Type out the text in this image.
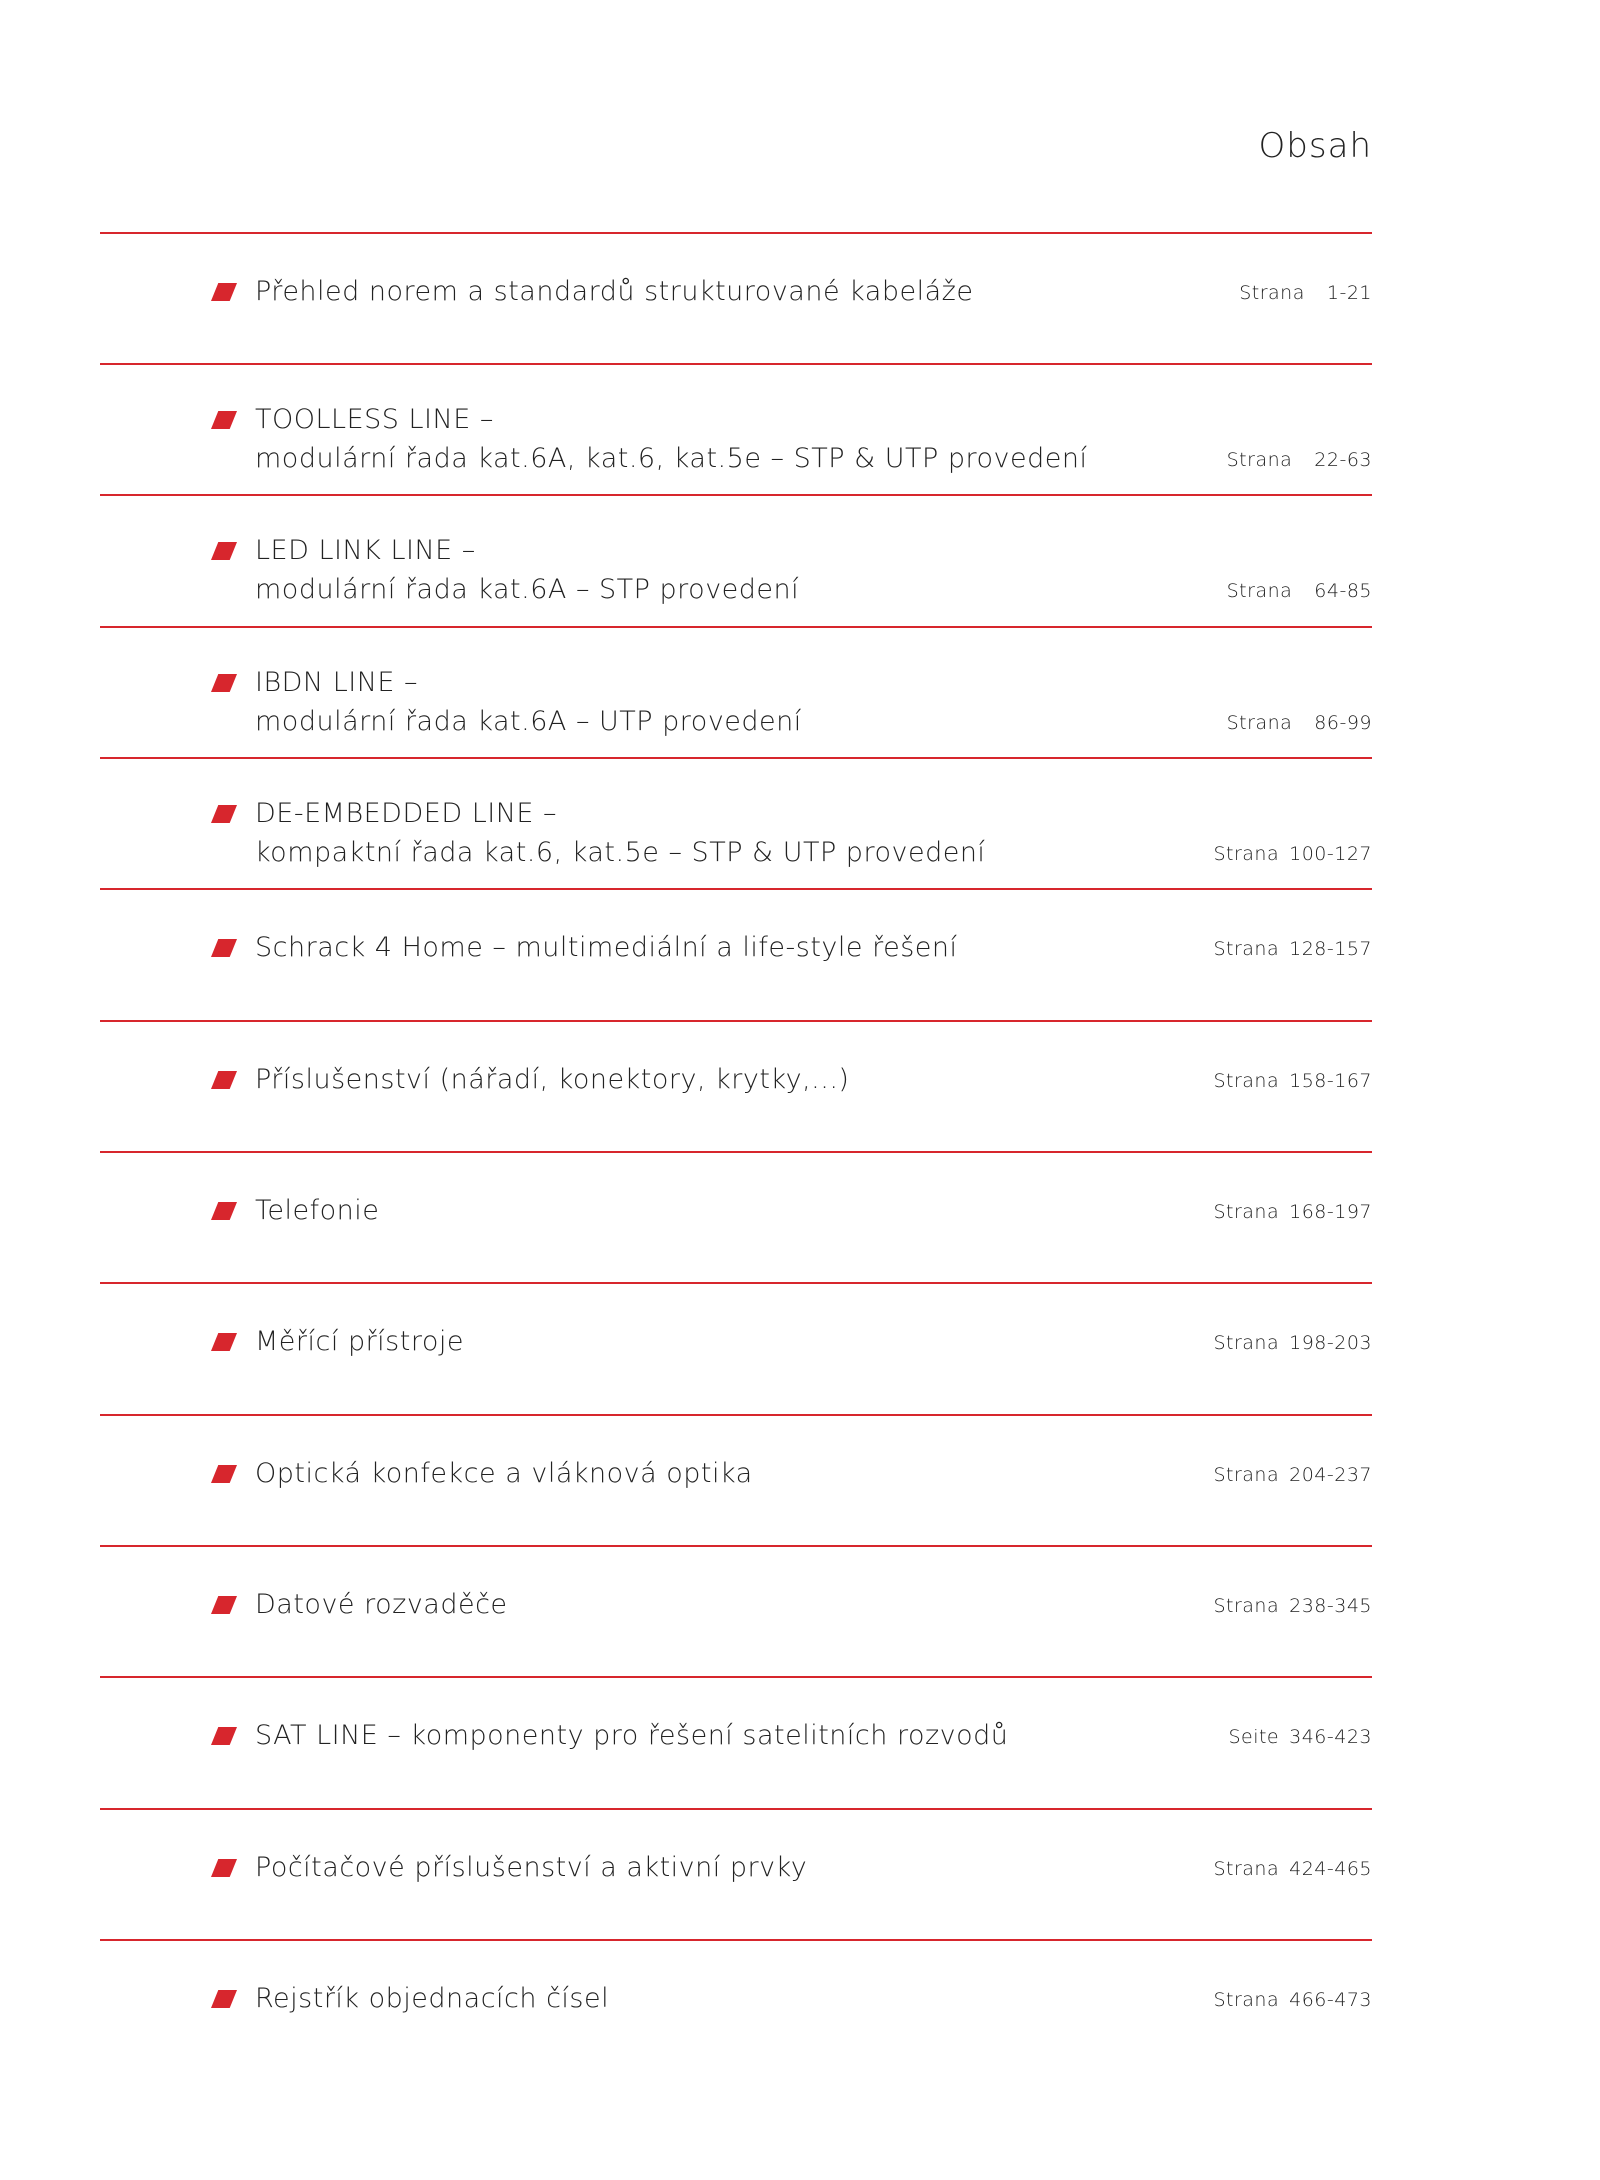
Obsah
Přehled norem a standardů strukturované kabeláže	Strana 1-21
TOOLLESS LINE –
modulární řada kat.6A, kat.6, kat.5e – STP & UTP provedení	Strana 22-63
LED LINK LINE –
modulární řada kat.6A – STP provedení	Strana 64-85
IBDN LINE –
modulární řada kat.6A – UTP provedení	Strana 86-99
DE-EMBEDDED LINE –
kompaktní řada kat.6, kat.5e – STP & UTP provedení	Strana 100-127
Schrack 4 Home – multimediální a life-style řešení	Strana 128-157
Příslušenství (nářadí, konektory, krytky,...)	Strana 158-167
Telefonie	Strana 168-197
Měřící přístroje	Strana 198-203
Optická konfekce a vláknová optika	Strana 204-237
Datové rozvaděče	Strana 238-345
SAT LINE – komponenty pro řešení satelitních rozvodů	Seite 346-423
Počítačové příslušenství a aktivní prvky	Strana 424-465
Rejstřík objednacích čísel	Strana 466-473
